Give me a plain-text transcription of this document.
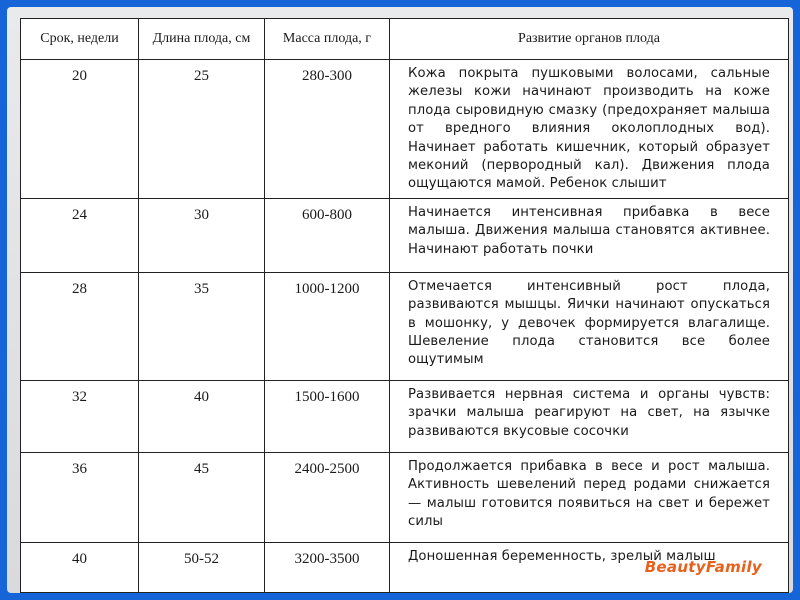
Срок, недели	Длина плода, см	Масса плода, г	Развитие органов плода
20	25	280-300	Кожа покрыта пушковыми волосами, сальные железы кожи начинают производить на коже плода сыровидную смазку (предохраняет малыша от вредного влияния околоплодных вод). Начинает работать кишечник, который образует меконий (первородный кал). Движения плода ощущаются мамой. Ребенок слышит
24	30	600-800	Начинается интенсивная прибавка в весе малыша. Движения малыша становятся активнее. Начинают работать почки
28	35	1000-1200	Отмечается интенсивный рост плода, развиваются мышцы. Яички начинают опускаться в мошонку, у девочек формируется влагалище. Шевеление плода становится все более ощутимым
32	40	1500-1600	Развивается нервная система и органы чувств: зрачки малыша реагируют на свет, на язычке развиваются вкусовые сосочки
36	45	2400-2500	Продолжается прибавка в весе и рост малыша. Активность шевелений перед родами снижается — малыш готовится появиться на свет и бережет силы
40	50-52	3200-3500	Доношенная беременность, зрелый малыш
BeautyFamily
